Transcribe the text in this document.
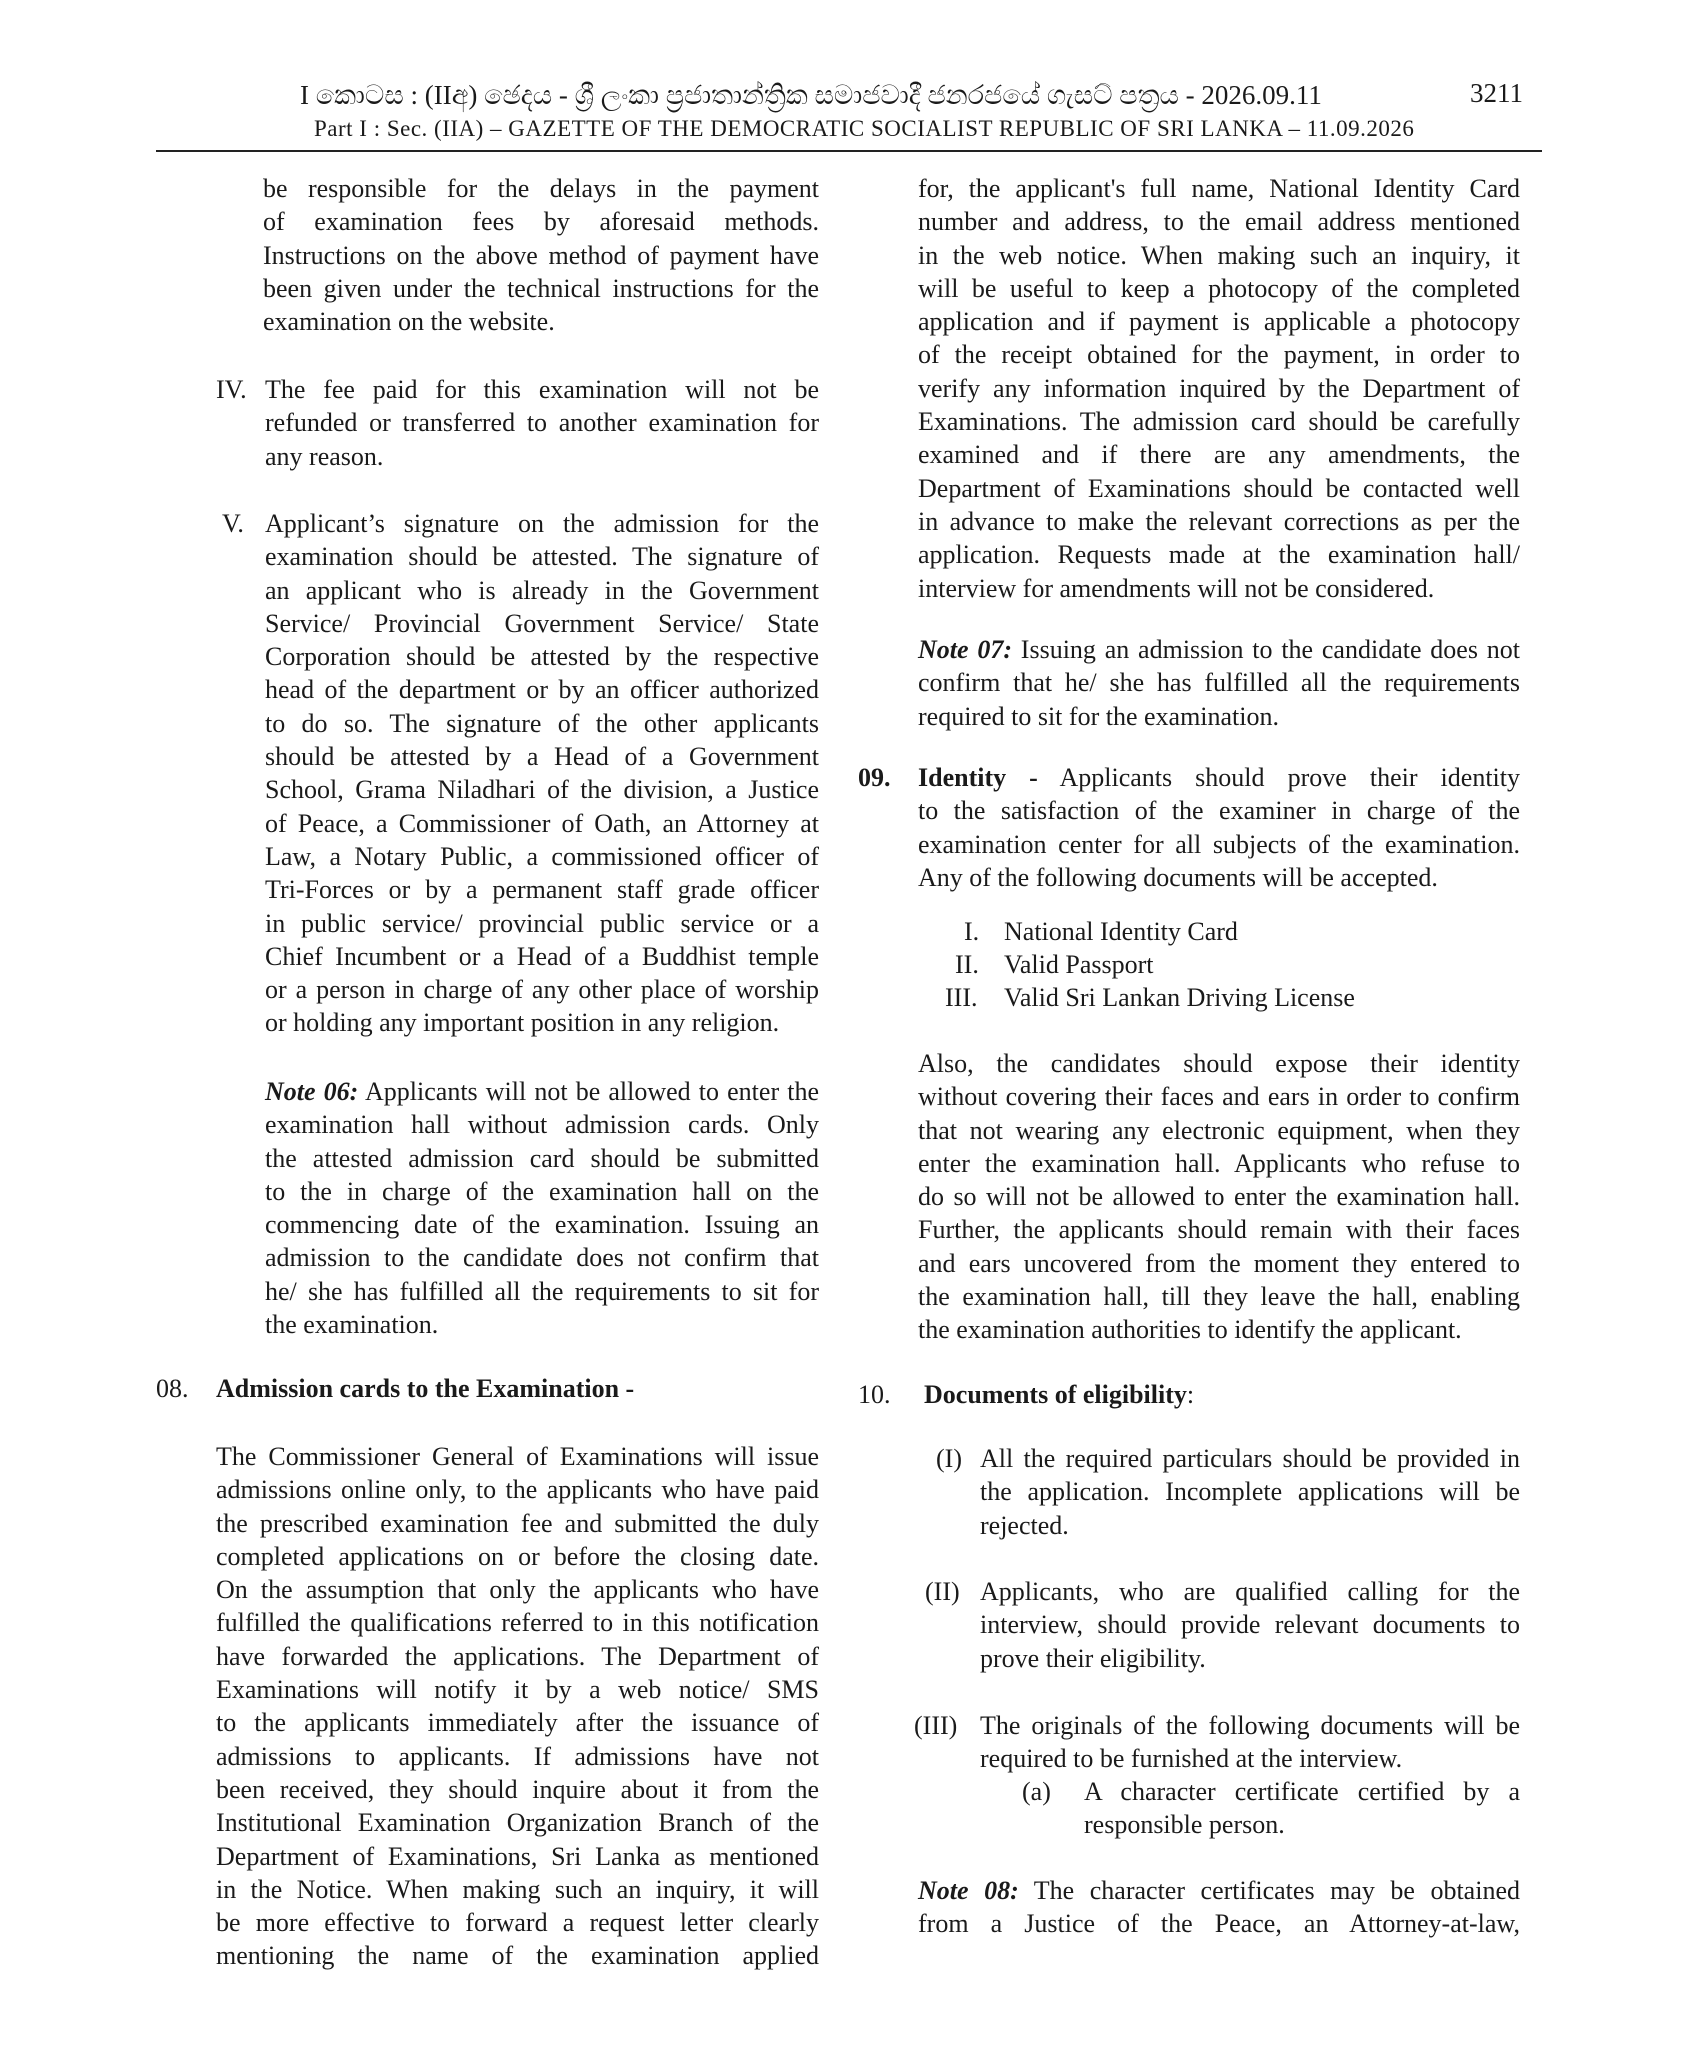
I කොටස : (IIඅ) ඡෙදය - ශ්‍රී ලංකා ප්‍රජාතාන්ත්‍රික සමාජවාදී ජනරජයේ ගැසට් පත්‍රය - 2026.09.11	3211
Part I : Sec. (IIA) – GAZETTE OF THE DEMOCRATIC SOCIALIST REPUBLIC OF SRI LANKA – 11.09.2026
be responsible for the delays in the payment
of examination fees by aforesaid methods.
Instructions on the above method of payment have
been given under the technical instructions for the
examination on the website.
IV. The fee paid for this examination will not be
refunded or transferred to another examination for
any reason.
V. Applicant’s signature on the admission for the
examination should be attested. The signature of
an applicant who is already in the Government
Service/ Provincial Government Service/ State
Corporation should be attested by the respective
head of the department or by an officer authorized
to do so. The signature of the other applicants
should be attested by a Head of a Government
School, Grama Niladhari of the division, a Justice
of Peace, a Commissioner of Oath, an Attorney at
Law, a Notary Public, a commissioned officer of
Tri-Forces or by a permanent staff grade officer
in public service/ provincial public service or a
Chief Incumbent or a Head of a Buddhist temple
or a person in charge of any other place of worship
or holding any important position in any religion.
Note 06: Applicants will not be allowed to enter the
examination hall without admission cards. Only
the attested admission card should be submitted
to the in charge of the examination hall on the
commencing date of the examination. Issuing an
admission to the candidate does not confirm that
he/ she has fulfilled all the requirements to sit for
the examination.
08. Admission cards to the Examination -
The Commissioner General of Examinations will issue
admissions online only, to the applicants who have paid
the prescribed examination fee and submitted the duly
completed applications on or before the closing date.
On the assumption that only the applicants who have
fulfilled the qualifications referred to in this notification
have forwarded the applications. The Department of
Examinations will notify it by a web notice/ SMS
to the applicants immediately after the issuance of
admissions to applicants. If admissions have not
been received, they should inquire about it from the
Institutional Examination Organization Branch of the
Department of Examinations, Sri Lanka as mentioned
in the Notice. When making such an inquiry, it will
be more effective to forward a request letter clearly
mentioning the name of the examination applied
for, the applicant's full name, National Identity Card
number and address, to the email address mentioned
in the web notice. When making such an inquiry, it
will be useful to keep a photocopy of the completed
application and if payment is applicable a photocopy
of the receipt obtained for the payment, in order to
verify any information inquired by the Department of
Examinations. The admission card should be carefully
examined and if there are any amendments, the
Department of Examinations should be contacted well
in advance to make the relevant corrections as per the
application. Requests made at the examination hall/
interview for amendments will not be considered.
Note 07: Issuing an admission to the candidate does not
confirm that he/ she has fulfilled all the requirements
required to sit for the examination.
09. Identity - Applicants should prove their identity
to the satisfaction of the examiner in charge of the
examination center for all subjects of the examination.
Any of the following documents will be accepted.
I. National Identity Card
II. Valid Passport
III. Valid Sri Lankan Driving License
Also, the candidates should expose their identity
without covering their faces and ears in order to confirm
that not wearing any electronic equipment, when they
enter the examination hall. Applicants who refuse to
do so will not be allowed to enter the examination hall.
Further, the applicants should remain with their faces
and ears uncovered from the moment they entered to
the examination hall, till they leave the hall, enabling
the examination authorities to identify the applicant.
10. Documents of eligibility:
(I) All the required particulars should be provided in
the application. Incomplete applications will be
rejected.
(II) Applicants, who are qualified calling for the
interview, should provide relevant documents to
prove their eligibility.
(III) The originals of the following documents will be
required to be furnished at the interview.
(a) A character certificate certified by a
responsible person.
Note 08: The character certificates may be obtained
from a Justice of the Peace, an Attorney-at-law,
